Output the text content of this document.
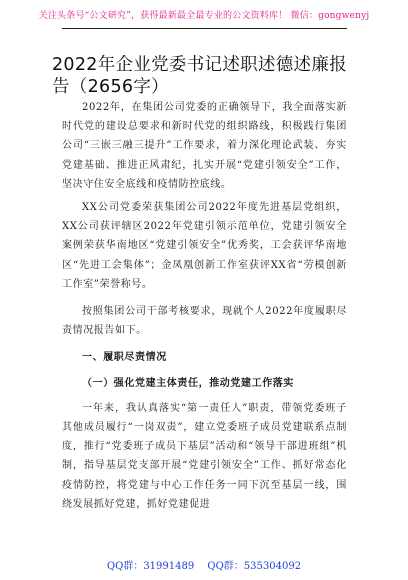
关注头条号“公文研究”，获得最新最全最专业的公文资料库！ 微信：gongwenyj
2022年企业党委书记述职述德述廉报告（2656字）

2022年，在集团公司党委的正确领导下，我全面落实新时代党的建设总要求和新时代党的组织路线，积极践行集团公司“三嵌三融三提升”工作要求，着力深化理论武装、夯实党建基础、推进正风肃纪，扎实开展“党建引领安全”工作，坚决守住安全底线和疫情防控底线。

XX公司党委荣获集团公司2022年度先进基层党组织，XX公司获评辖区2022年党建引领示范单位，党建引领安全案例荣获华南地区“党建引领安全”优秀奖，工会获评华南地区“先进工会集体”；金凤凰创新工作室获评XX省“劳模创新工作室”荣誉称号。

按照集团公司干部考核要求，现就个人2022年度履职尽责情况报告如下。

一、履职尽责情况
（一）强化党建主体责任，推动党建工作落实

一年来，我认真落实“第一责任人”职责，带领党委班子其他成员履行“一岗双责”，建立党委班子成员党建联系点制度，推行“党委班子成员下基层”活动和“领导干部进班组”机制，指导基层党支部开展“党建引领安全”工作、抓好常态化疫情防控，将党建与中心工作任务一同下沉至基层一线，围绕发展抓好党建，抓好党建促进

QQ群：31991489 QQ群：535304092
